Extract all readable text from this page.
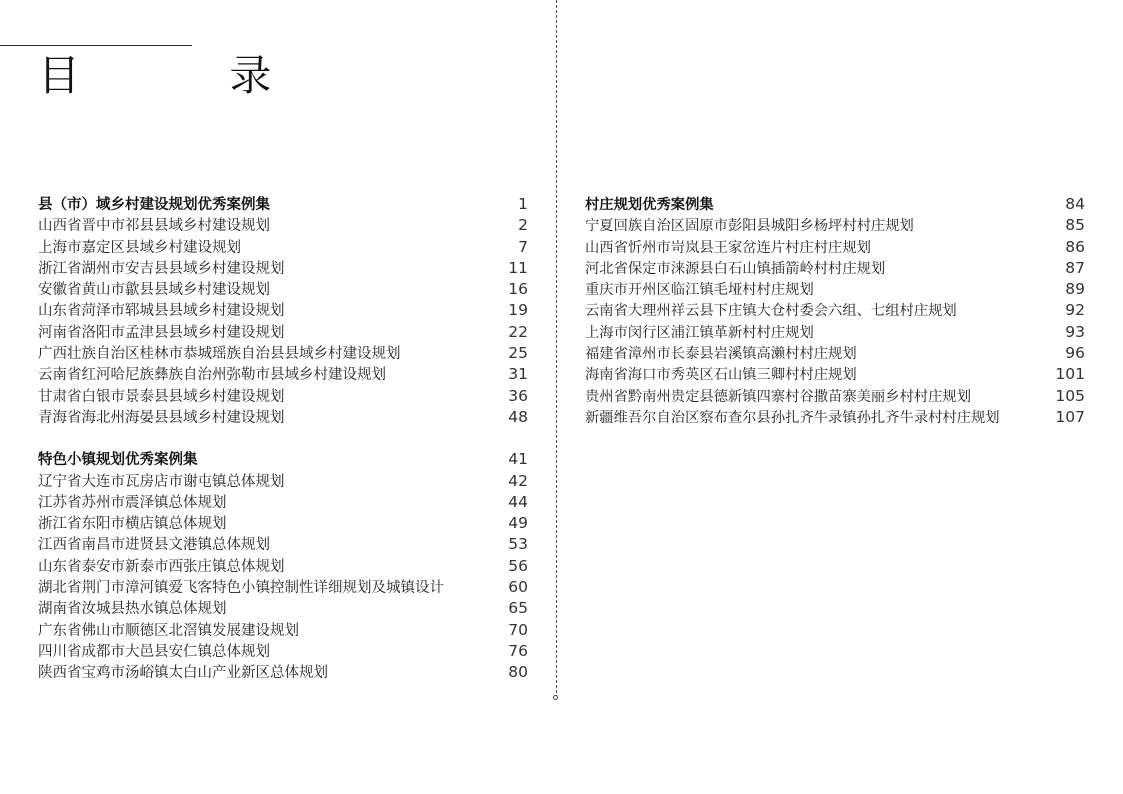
目 录
县（市）域乡村建设规划优秀案例集	1
山西省晋中市祁县县域乡村建设规划	2
上海市嘉定区县域乡村建设规划	7
浙江省湖州市安吉县县域乡村建设规划	11
安徽省黄山市歙县县域乡村建设规划	16
山东省菏泽市郓城县县域乡村建设规划	19
河南省洛阳市孟津县县域乡村建设规划	22
广西壮族自治区桂林市恭城瑶族自治县县域乡村建设规划	25
云南省红河哈尼族彝族自治州弥勒市县域乡村建设规划	31
甘肃省白银市景泰县县域乡村建设规划	36
青海省海北州海晏县县域乡村建设规划	48
特色小镇规划优秀案例集	41
辽宁省大连市瓦房店市谢屯镇总体规划	42
江苏省苏州市震泽镇总体规划	44
浙江省东阳市横店镇总体规划	49
江西省南昌市进贤县文港镇总体规划	53
山东省泰安市新泰市西张庄镇总体规划	56
湖北省荆门市漳河镇爱飞客特色小镇控制性详细规划及城镇设计	60
湖南省汝城县热水镇总体规划	65
广东省佛山市顺德区北滘镇发展建设规划	70
四川省成都市大邑县安仁镇总体规划	76
陕西省宝鸡市汤峪镇太白山产业新区总体规划	80
村庄规划优秀案例集	84
宁夏回族自治区固原市彭阳县城阳乡杨坪村村庄规划	85
山西省忻州市岢岚县王家岔连片村庄村庄规划	86
河北省保定市涞源县白石山镇插箭岭村村庄规划	87
重庆市开州区临江镇毛垭村村庄规划	89
云南省大理州祥云县下庄镇大仓村委会六组、七组村庄规划	92
上海市闵行区浦江镇革新村村庄规划	93
福建省漳州市长泰县岩溪镇高濑村村庄规划	96
海南省海口市秀英区石山镇三卿村村庄规划	101
贵州省黔南州贵定县德新镇四寨村谷撒苗寨美丽乡村村庄规划	105
新疆维吾尔自治区察布查尔县孙扎齐牛录镇孙扎齐牛录村村庄规划	107
